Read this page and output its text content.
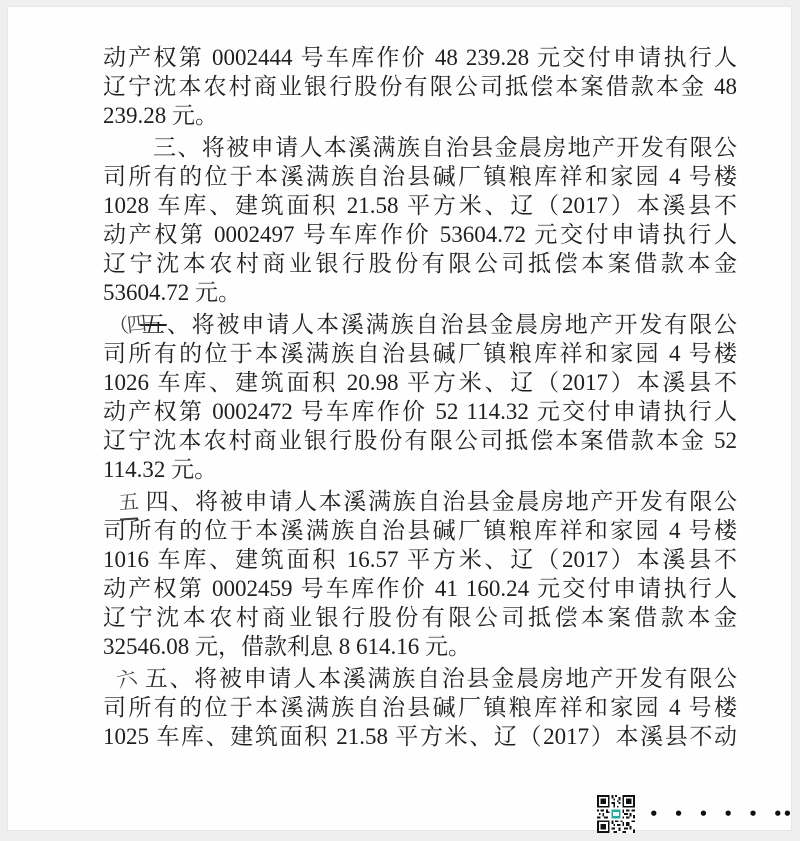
动产权第 0002444 号车库作价 48 239.28 元交付申请执行人
辽宁沈本农村商业银行股份有限公司抵偿本案借款本金 48
239.28 元。
三、将被申请人本溪满族自治县金晨房地产开发有限公
司所有的位于本溪满族自治县碱厂镇粮库祥和家园 4 号楼
1028 车库、建筑面积 21.58 平方米、辽（2017）本溪县不
动产权第 0002497 号车库作价 53604.72 元交付申请执行人
辽宁沈本农村商业银行股份有限公司抵偿本案借款本金
53604.72 元。
（四五、将被申请人本溪满族自治县金晨房地产开发有限公
司所有的位于本溪满族自治县碱厂镇粮库祥和家园 4 号楼
1026 车库、建筑面积 20.98 平方米、辽（2017）本溪县不
动产权第 0002472 号车库作价 52 114.32 元交付申请执行人
辽宁沈本农村商业银行股份有限公司抵偿本案借款本金 52
114.32 元。
五 四、将被申请人本溪满族自治县金晨房地产开发有限公
司所有的位于本溪满族自治县碱厂镇粮库祥和家园 4 号楼
1016 车库、建筑面积 16.57 平方米、辽（2017）本溪县不
动产权第 0002459 号车库作价 41 160.24 元交付申请执行人
辽宁沈本农村商业银行股份有限公司抵偿本案借款本金
32546.08 元，借款利息 8 614.16 元。
六 五、将被申请人本溪满族自治县金晨房地产开发有限公
司所有的位于本溪满族自治县碱厂镇粮库祥和家园 4 号楼
1025 车库、建筑面积 21.58 平方米、辽（2017）本溪县不动
• • • • • ••
